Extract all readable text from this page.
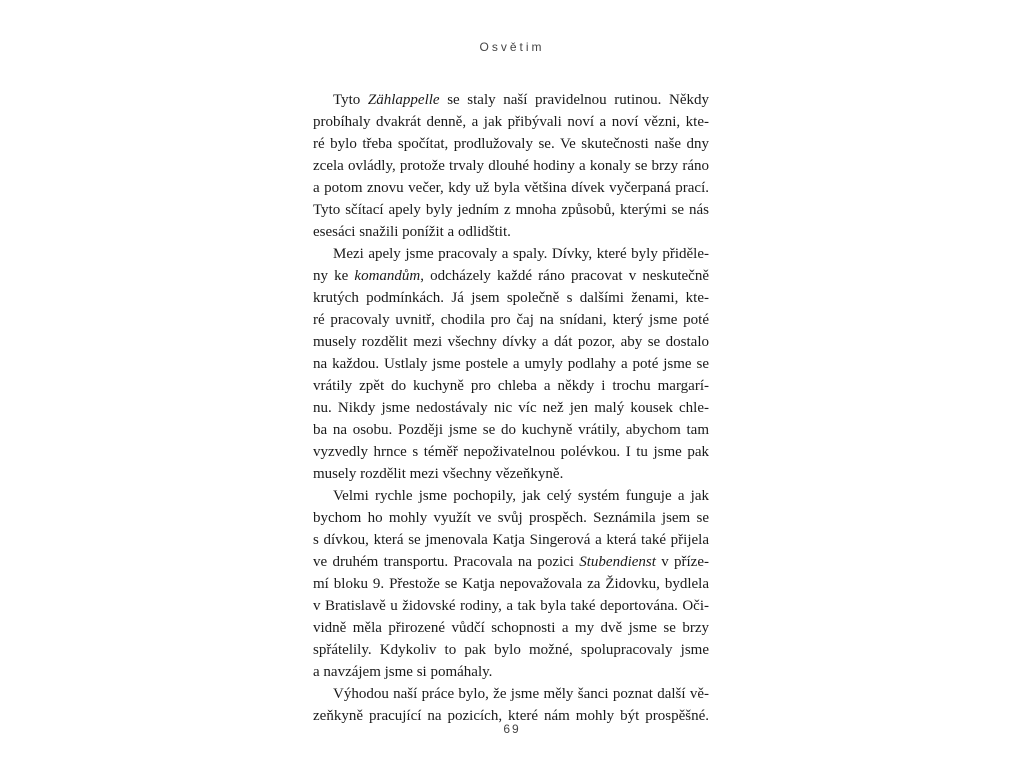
Osvětim
Tyto Zählappelle se staly naší pravidelnou rutinou. Někdy
probíhaly dvakrát denně, a jak přibývali noví a noví vězni, kte-
ré bylo třeba spočítat, prodlužovaly se. Ve skutečnosti naše dny
zcela ovládly, protože trvaly dlouhé hodiny a konaly se brzy ráno
a potom znovu večer, kdy už byla většina dívek vyčerpaná prací.
Tyto sčítací apely byly jedním z mnoha způsobů, kterými se nás
esesáci snažili ponížit a odlidštit.
Mezi apely jsme pracovaly a spaly. Dívky, které byly přiděle-
ny ke komandům, odcházely každé ráno pracovat v neskutečně
krutých podmínkách. Já jsem společně s dalšími ženami, kte-
ré pracovaly uvnitř, chodila pro čaj na snídani, který jsme poté
musely rozdělit mezi všechny dívky a dát pozor, aby se dostalo
na každou. Ustlaly jsme postele a umyly podlahy a poté jsme se
vrátily zpět do kuchyně pro chleba a někdy i trochu margarí-
nu. Nikdy jsme nedostávaly nic víc než jen malý kousek chle-
ba na osobu. Později jsme se do kuchyně vrátily, abychom tam
vyzvedly hrnce s téměř nepoživatelnou polévkou. I tu jsme pak
musely rozdělit mezi všechny vězeňkyně.
Velmi rychle jsme pochopily, jak celý systém funguje a jak
bychom ho mohly využít ve svůj prospěch. Seznámila jsem se
s dívkou, která se jmenovala Katja Singerová a která také přijela
ve druhém transportu. Pracovala na pozici Stubendienst v příze-
mí bloku 9. Přestože se Katja nepovažovala za Židovku, bydlela
v Bratislavě u židovské rodiny, a tak byla také deportována. Oči-
vidně měla přirozené vůdčí schopnosti a my dvě jsme se brzy
spřátelily. Kdykoliv to pak bylo možné, spolupracovaly jsme
a navzájem jsme si pomáhaly.
Výhodou naší práce bylo, že jsme měly šanci poznat další vě-
zeňkyně pracující na pozicích, které nám mohly být prospěšné.
69
